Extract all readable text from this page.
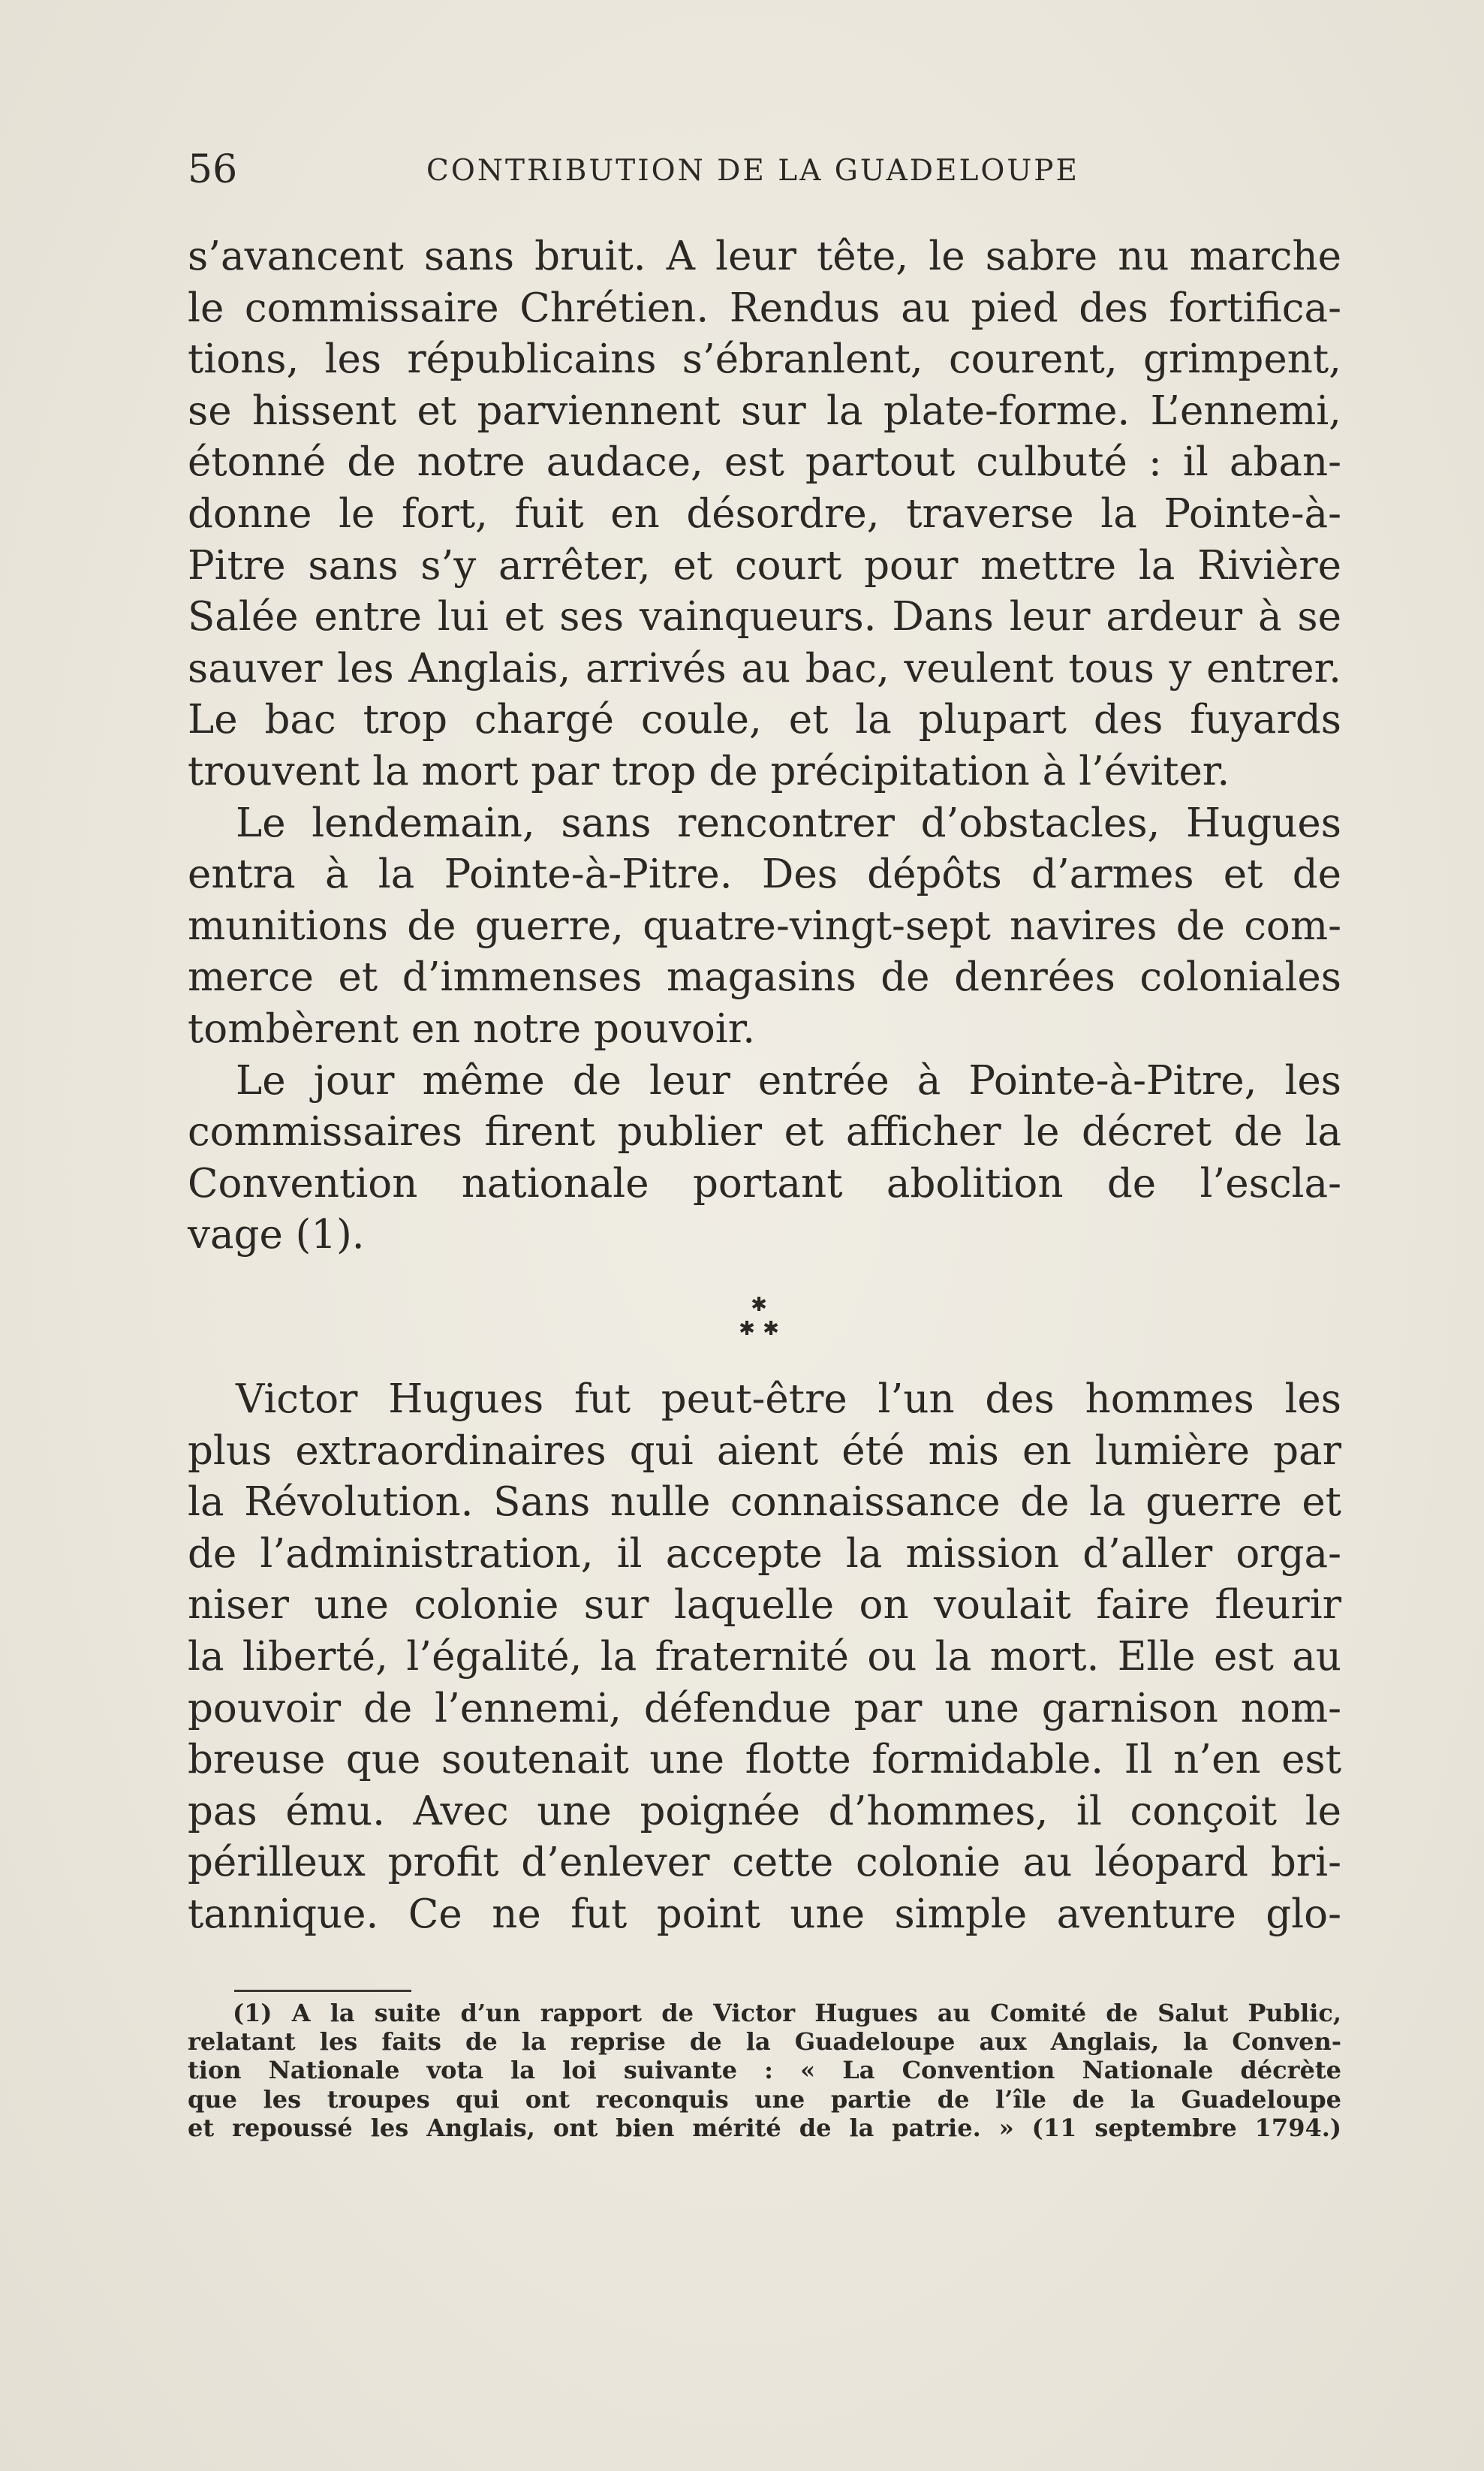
56	CONTRIBUTION DE LA GUADELOUPE
s’avancent sans bruit. A leur tête, le sabre nu marche
le commissaire Chrétien. Rendus au pied des fortifica-
tions, les républicains s’ébranlent, courent, grimpent,
se hissent et parviennent sur la plate-forme. L’ennemi,
étonné de notre audace, est partout culbuté : il aban-
donne le fort, fuit en désordre, traverse la Pointe-à-
Pitre sans s’y arrêter, et court pour mettre la Rivière
Salée entre lui et ses vainqueurs. Dans leur ardeur à se
sauver les Anglais, arrivés au bac, veulent tous y entrer.
Le bac trop chargé coule, et la plupart des fuyards
trouvent la mort par trop de précipitation à l’éviter.
Le lendemain, sans rencontrer d’obstacles, Hugues
entra à la Pointe-à-Pitre. Des dépôts d’armes et de
munitions de guerre, quatre-vingt-sept navires de com-
merce et d’immenses magasins de denrées coloniales
tombèrent en notre pouvoir.
Le jour même de leur entrée à Pointe-à-Pitre, les
commissaires firent publier et afficher le décret de la
Convention nationale portant abolition de l’escla-
vage (1).
✱
✱ ✱
Victor Hugues fut peut-être l’un des hommes les
plus extraordinaires qui aient été mis en lumière par
la Révolution. Sans nulle connaissance de la guerre et
de l’administration, il accepte la mission d’aller orga-
niser une colonie sur laquelle on voulait faire fleurir
la liberté, l’égalité, la fraternité ou la mort. Elle est au
pouvoir de l’ennemi, défendue par une garnison nom-
breuse que soutenait une flotte formidable. Il n’en est
pas ému. Avec une poignée d’hommes, il conçoit le
périlleux profit d’enlever cette colonie au léopard bri-
tannique. Ce ne fut point une simple aventure glo-
(1) A la suite d’un rapport de Victor Hugues au Comité de Salut Public,
relatant les faits de la reprise de la Guadeloupe aux Anglais, la Conven-
tion Nationale vota la loi suivante : « La Convention Nationale décrète
que les troupes qui ont reconquis une partie de l’île de la Guadeloupe
et repoussé les Anglais, ont bien mérité de la patrie. » (11 septembre 1794.)
